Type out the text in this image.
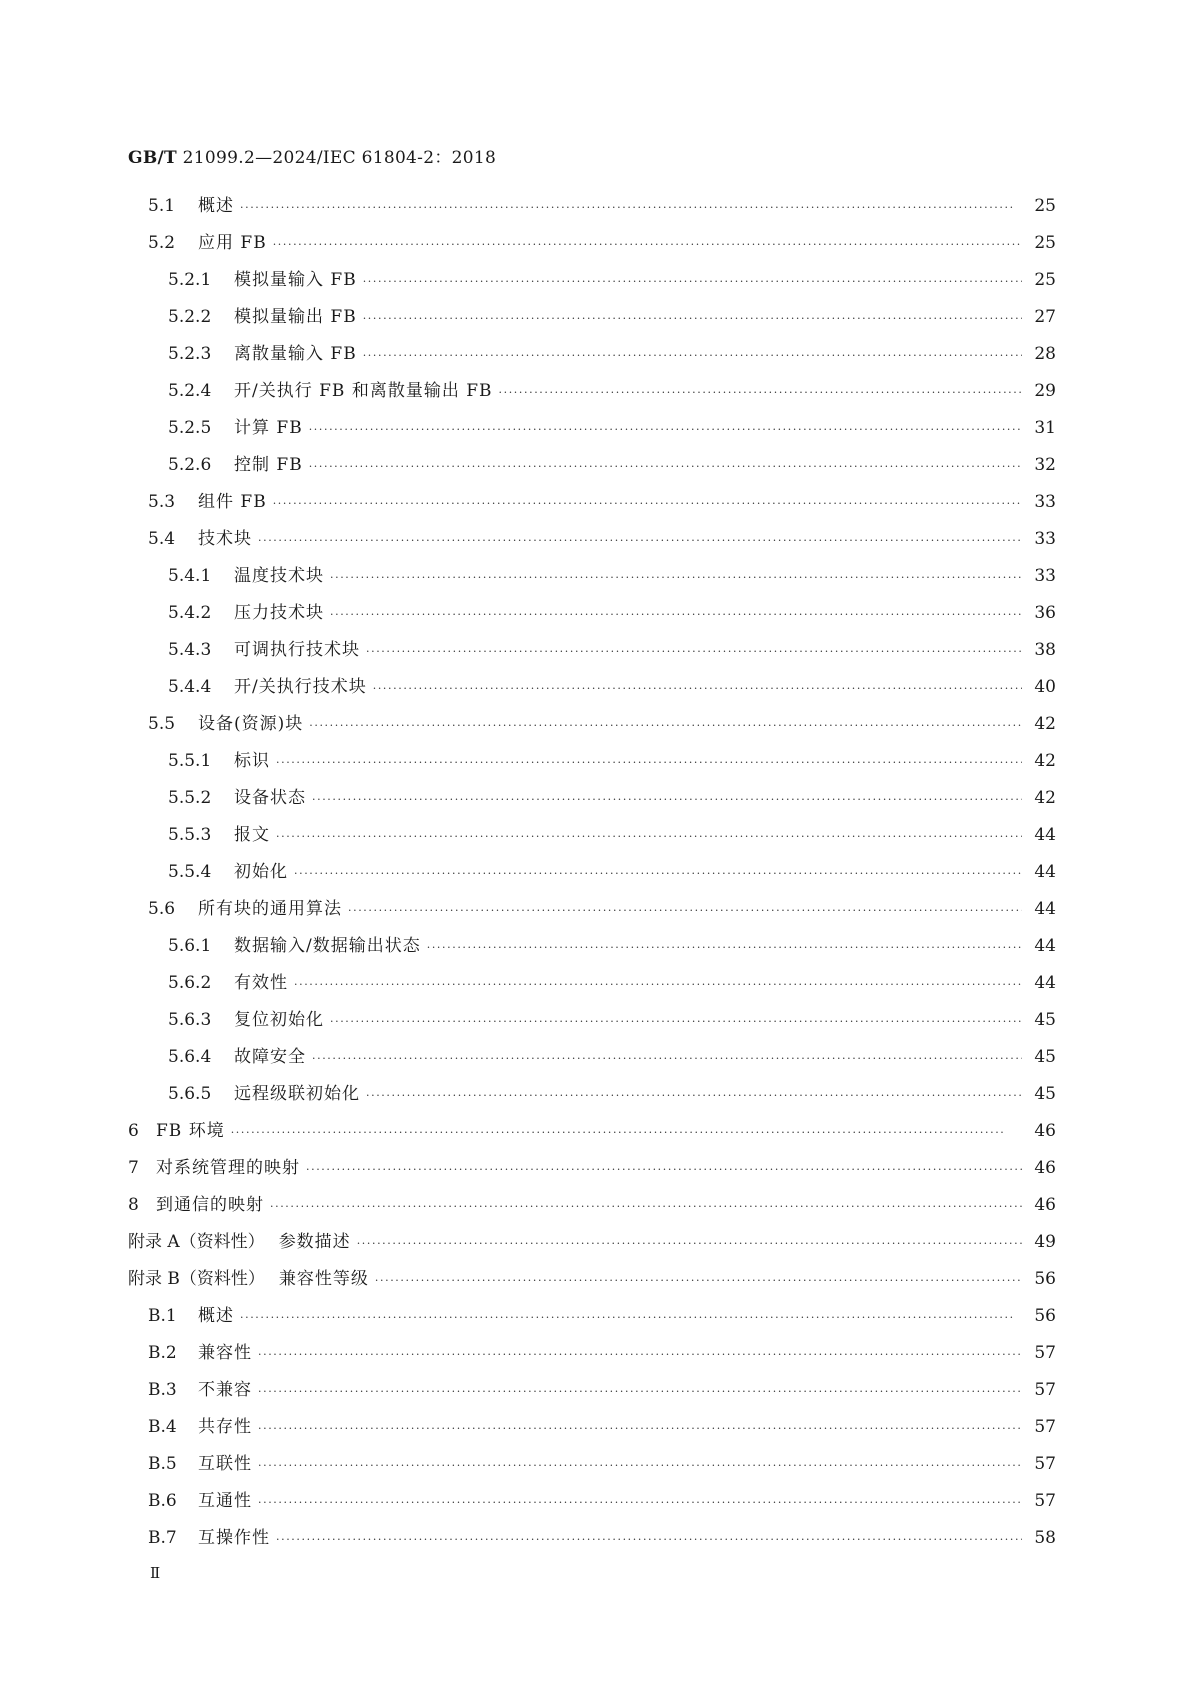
GB/T 21099.2—2024/IEC 61804-2：2018
5.1	概述 ·····	25
5.2	应用 FB ·····	25
5.2.1	模拟量输入 FB ·····	25
5.2.2	模拟量输出 FB ·····	27
5.2.3	离散量输入 FB ·····	28
5.2.4	开/关执行 FB 和离散量输出 FB ·····	29
5.2.5	计算 FB ·····	31
5.2.6	控制 FB ·····	32
5.3	组件 FB ·····	33
5.4	技术块 ·····	33
5.4.1	温度技术块 ·····	33
5.4.2	压力技术块 ·····	36
5.4.3	可调执行技术块 ·····	38
5.4.4	开/关执行技术块 ·····	40
5.5	设备(资源)块 ·····	42
5.5.1	标识 ·····	42
5.5.2	设备状态 ·····	42
5.5.3	报文 ·····	44
5.5.4	初始化 ·····	44
5.6	所有块的通用算法 ·····	44
5.6.1	数据输入/数据输出状态 ·····	44
5.6.2	有效性 ·····	44
5.6.3	复位初始化 ·····	45
5.6.4	故障安全 ·····	45
5.6.5	远程级联初始化 ·····	45
6	FB 环境 ·····	46
7	对系统管理的映射 ·····	46
8	到通信的映射 ·····	46
附录 A（资料性） 参数描述 ·····	49
附录 B（资料性） 兼容性等级 ·····	56
B.1	概述 ·····	56
B.2	兼容性 ·····	57
B.3	不兼容 ·····	57
B.4	共存性 ·····	57
B.5	互联性 ·····	57
B.6	互通性 ·····	57
B.7	互操作性 ·····	58
Ⅱ
